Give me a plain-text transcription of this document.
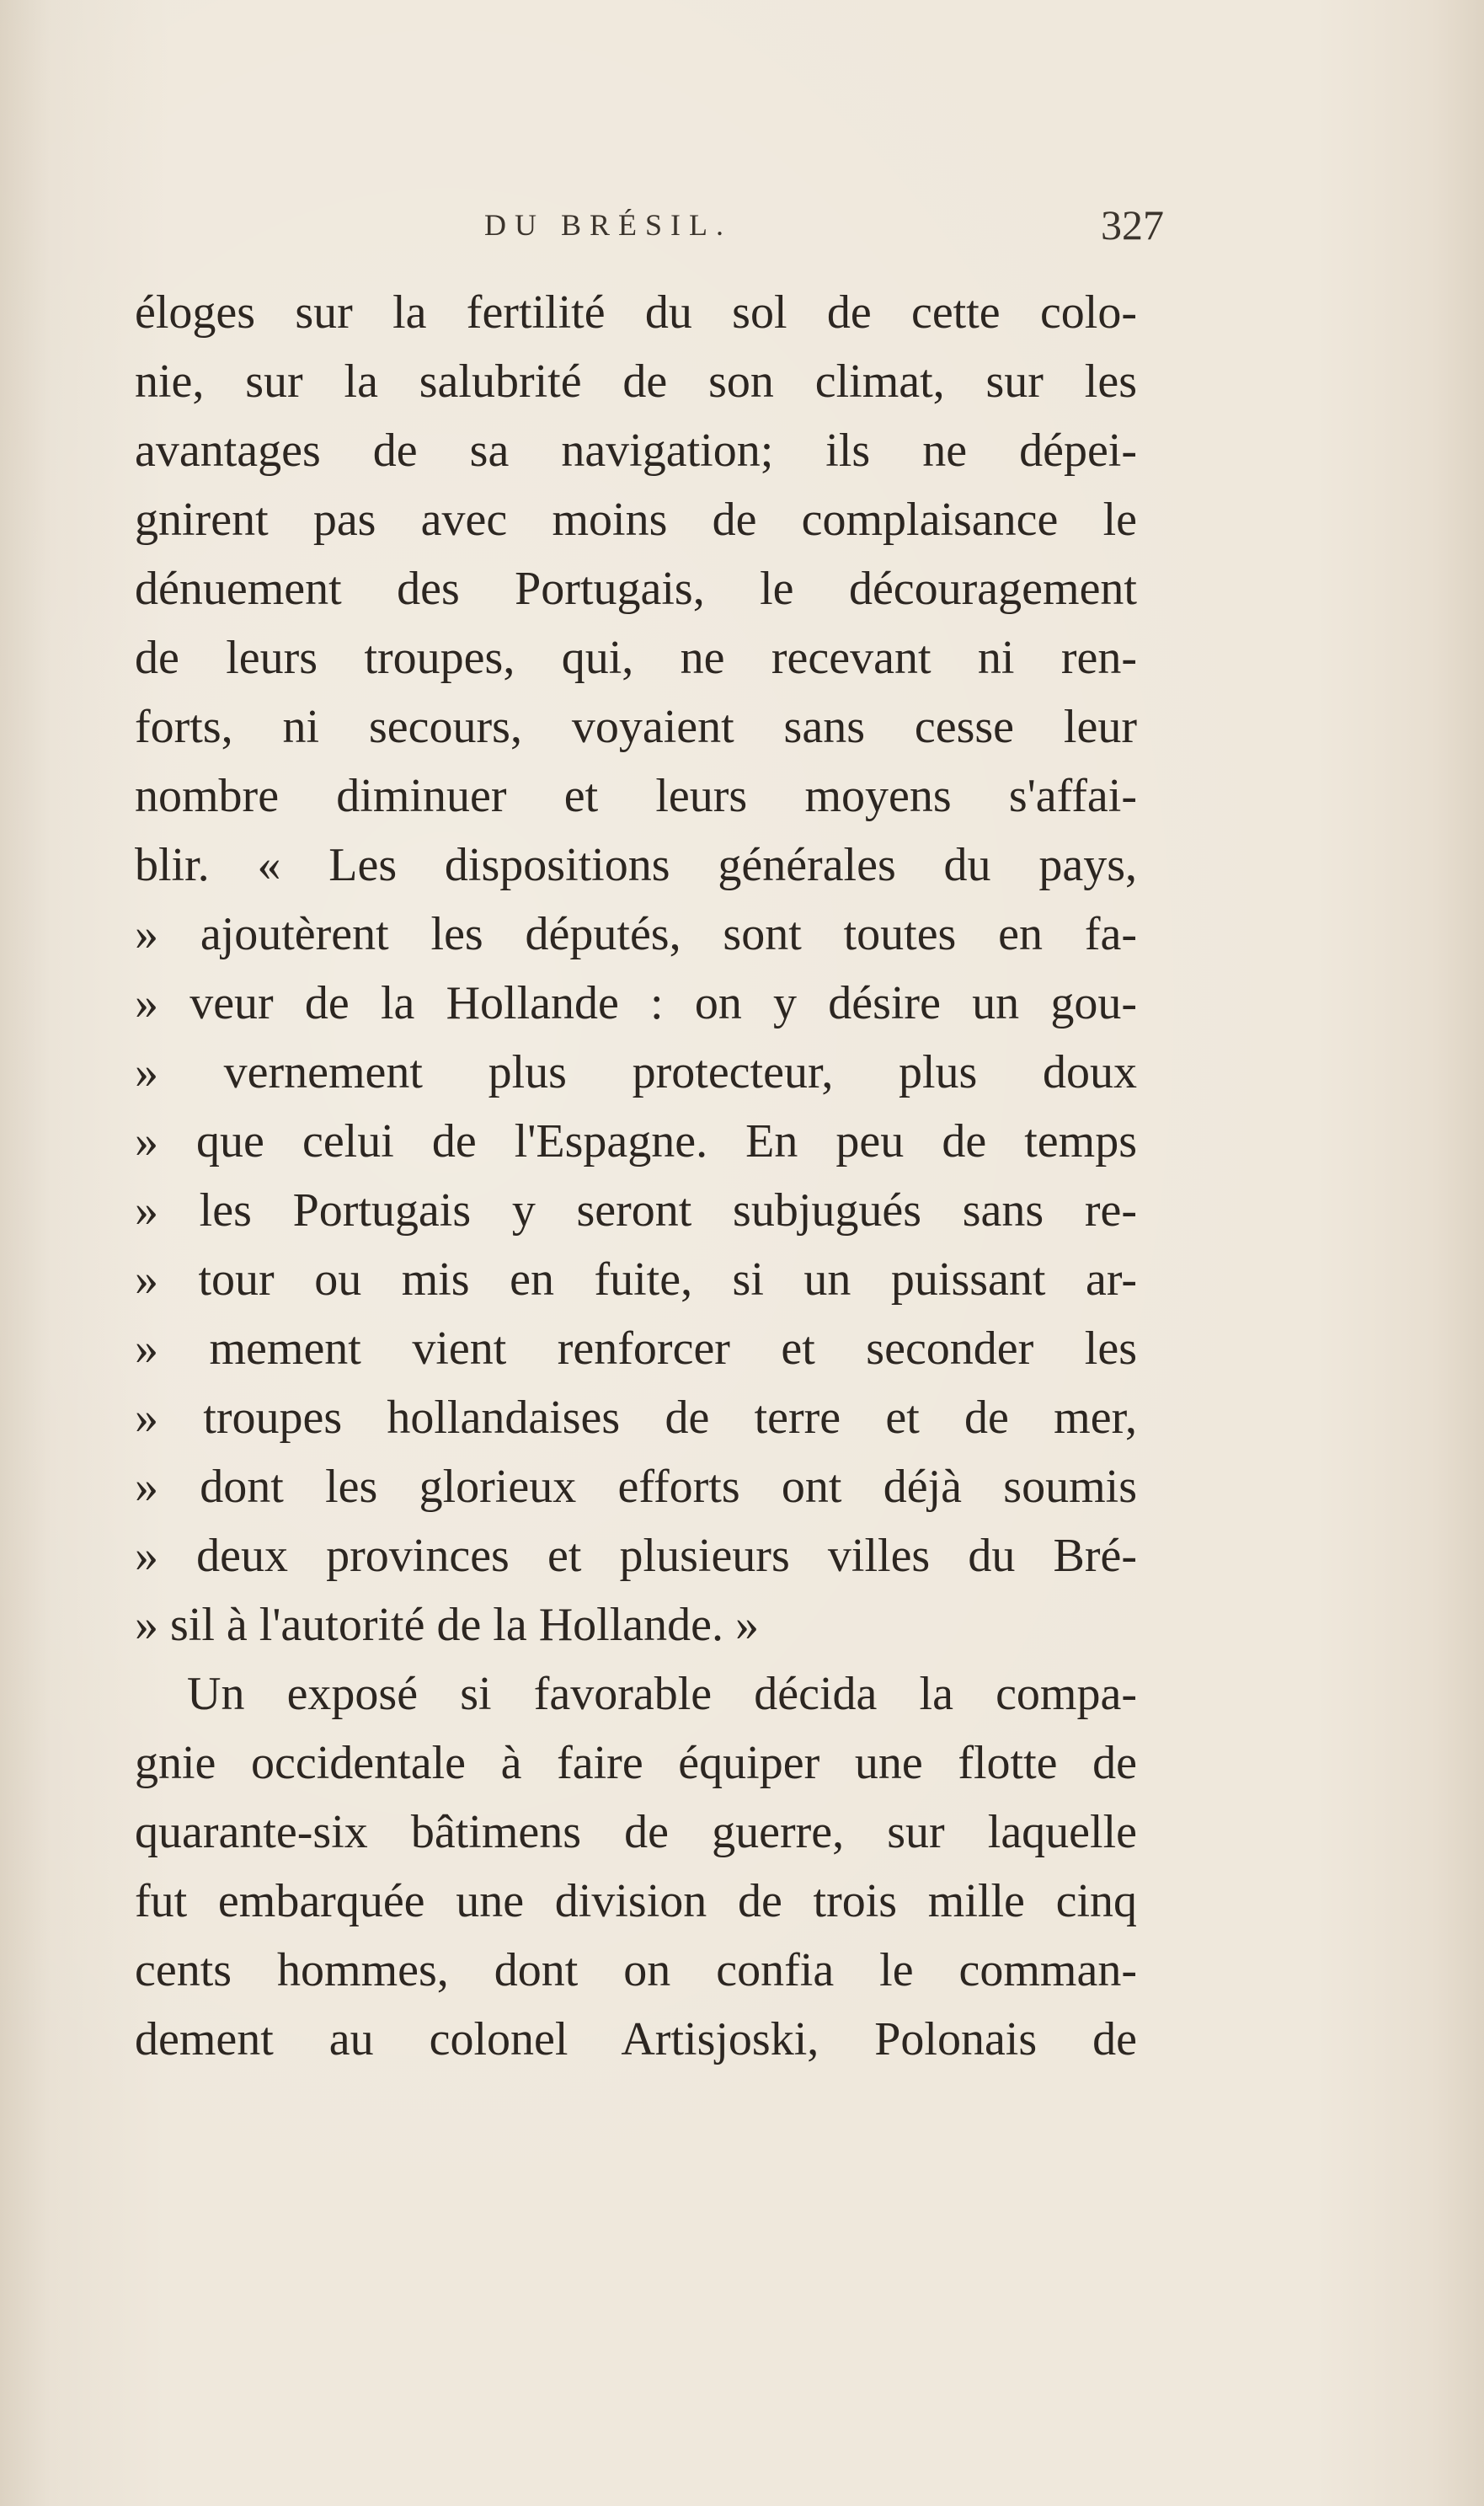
DU BRÉSIL.	327
éloges sur la fertilité du sol de cette colo-
nie, sur la salubrité de son climat, sur les
avantages de sa navigation; ils ne dépei-
gnirent pas avec moins de complaisance le
dénuement des Portugais, le découragement
de leurs troupes, qui, ne recevant ni ren-
forts, ni secours, voyaient sans cesse leur
nombre diminuer et leurs moyens s'affai-
blir. « Les dispositions générales du pays,
» ajoutèrent les députés, sont toutes en fa-
» veur de la Hollande : on y désire un gou-
» vernement plus protecteur, plus doux
» que celui de l'Espagne. En peu de temps
» les Portugais y seront subjugués sans re-
» tour ou mis en fuite, si un puissant ar-
» mement vient renforcer et seconder les
» troupes hollandaises de terre et de mer,
» dont les glorieux efforts ont déjà soumis
» deux provinces et plusieurs villes du Bré-
» sil à l'autorité de la Hollande. »
Un exposé si favorable décida la compa-
gnie occidentale à faire équiper une flotte de
quarante-six bâtimens de guerre, sur laquelle
fut embarquée une division de trois mille cinq
cents hommes, dont on confia le comman-
dement au colonel Artisjoski, Polonais de
